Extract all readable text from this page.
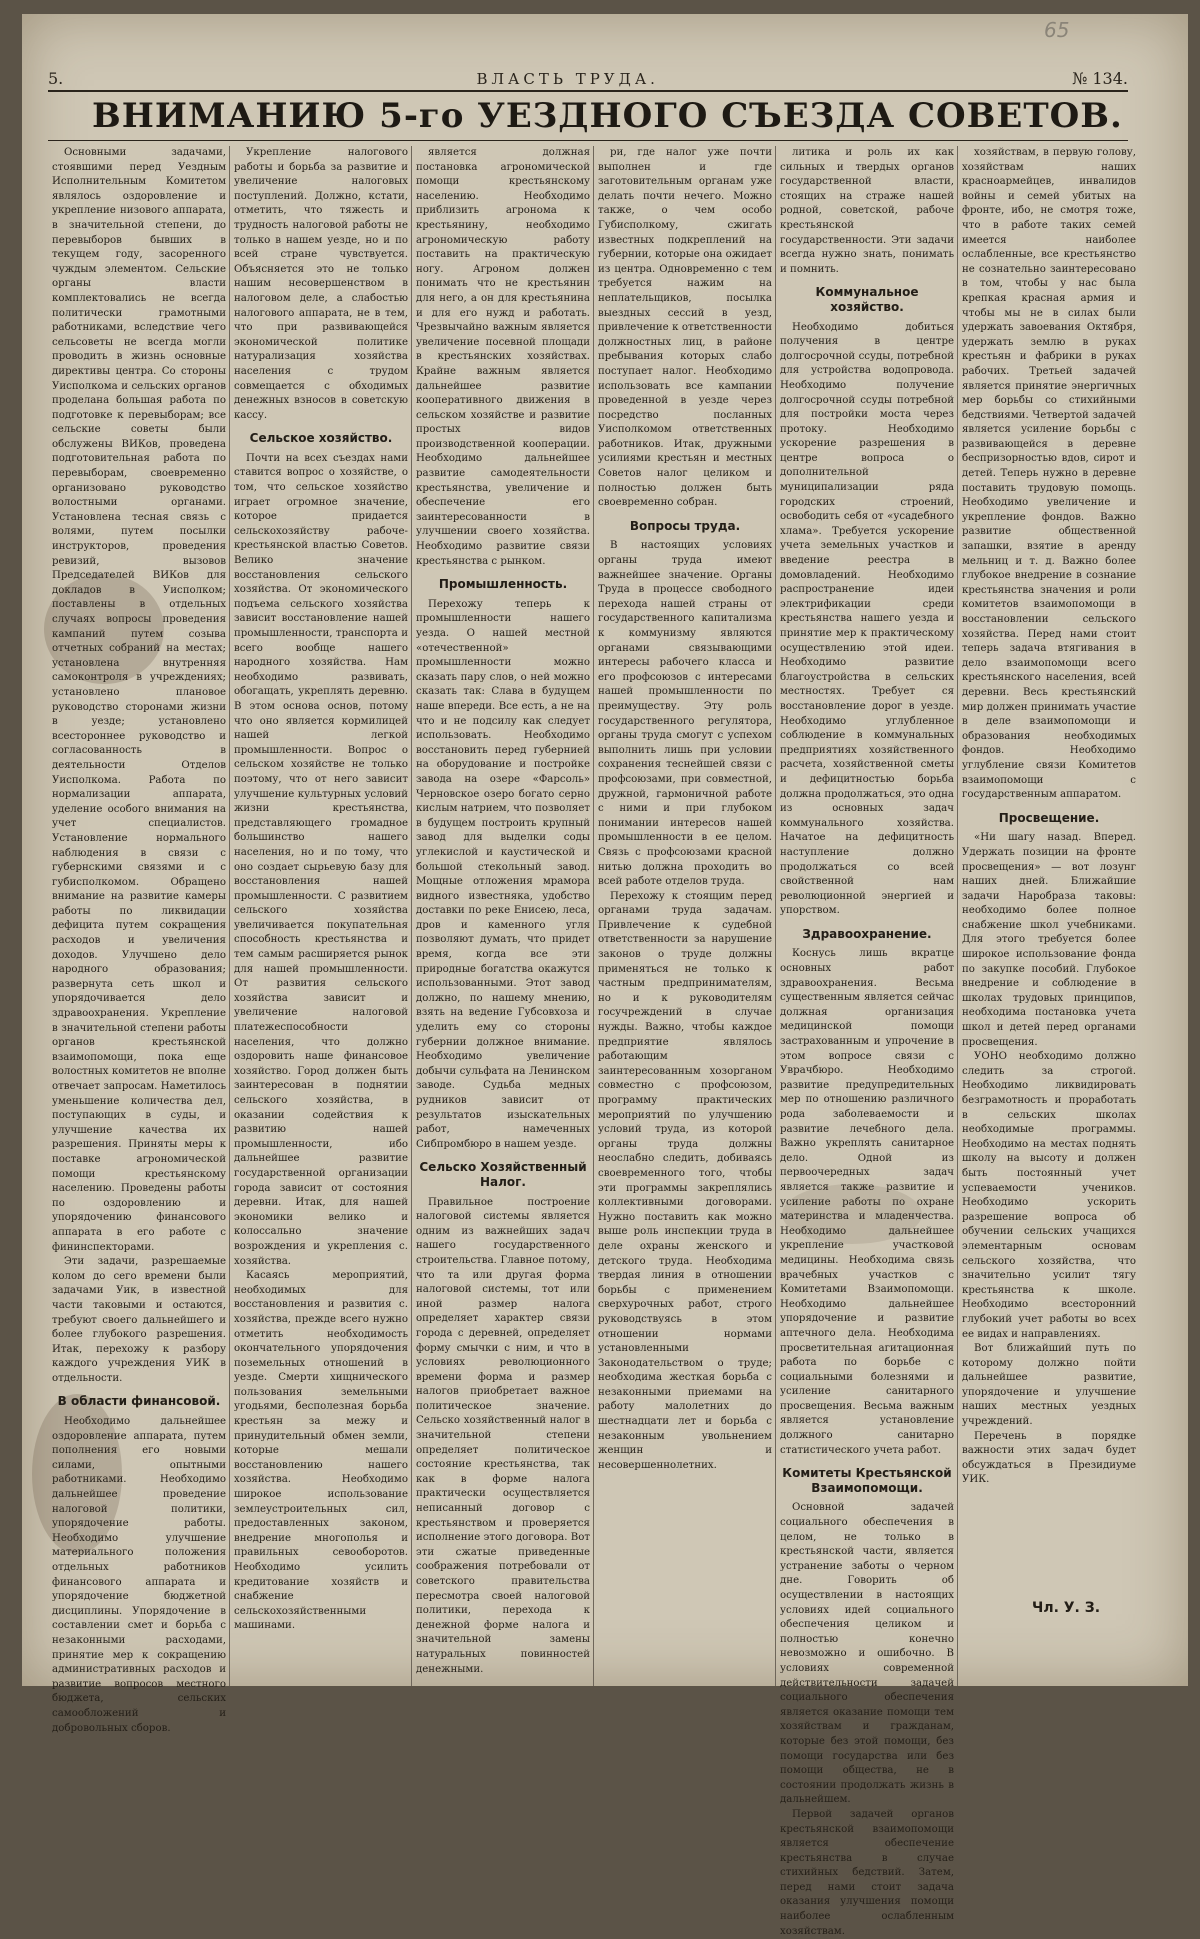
65
5.	ВЛАСТЬ ТРУДА.	№ 134.
ВНИМАНИЮ 5-го УЕЗДНОГО СЪЕЗДА СОВЕТОВ.

Основными задачами, стоявшими перед Уездным Исполнительным Комитетом являлось оздоровление и укрепление низового аппарата, в значительной степени, до перевыборов бывших в текущем году, засоренного чуждым элементом. Сельские органы власти комплектовались не всегда политически грамотными работниками, вследствие чего сельсоветы не всегда могли проводить в жизнь основные директивы центра. Со стороны Уисполкома и сельских органов проделана большая работа по подготовке к перевыборам; все сельские советы были обслужены ВИКов, проведена подготовительная работа по перевыборам, своевременно организовано руководство волостными органами. Установлена тесная связь с волями, путем посылки инструкторов, проведения ревизий, вызовов Председателей ВИКов для докладов в Уисполком; поставлены в отдельных случаях вопросы проведения кампаний путем созыва отчетных собраний на местах; установлена внутренняя самоконтроля в учреждениях; установлено плановое руководство сторонами жизни в уезде; установлено всестороннее руководство и согласованность в деятельности Отделов Уисполкома. Работа по нормализации аппарата, уделение особого внимания на учет специалистов. Установление нормального наблюдения в связи с губернскими связями и с губисполкомом. Обращено внимание на развитие камеры работы по ликвидации дефицита путем сокращения расходов и увеличения доходов. Улучшено дело народного образования; развернута сеть школ и упорядочивается дело здравоохранения. Укрепление в значительной степени работы органов крестьянской взаимопомощи, пока еще волостных комитетов не вполне отвечает запросам. Наметилось уменьшение количества дел, поступающих в суды, и улучшение качества их разрешения. Приняты меры к поставке агрономической помощи крестьянскому населению. Проведены работы по оздоровлению и упорядочению финансового аппарата в его работе с фининспекторами.

Эти задачи, разрешаемые колом до сего времени были задачами Уик, в известной части таковыми и остаются, требуют своего дальнейшего и более глубокого разрешения. Итак, перехожу к разбору каждого учреждения УИК в отдельности.

В области финансовой.

Необходимо дальнейшее оздоровление аппарата, путем пополнения его новыми силами, опытными работниками. Необходимо дальнейшее проведение налоговой политики, упорядочение работы. Необходимо улучшение материального положения отдельных работников финансового аппарата и упорядочение бюджетной дисциплины. Упорядочение в составлении смет и борьба с незаконными расходами, принятие мер к сокращению административных расходов и развитие вопросов местного бюджета, сельских самообложений и добровольных сборов.

Укрепление налогового работы и борьба за развитие и увеличение налоговых поступлений. Должно, кстати, отметить, что тяжесть и трудность налоговой работы не только в нашем уезде, но и по всей стране чувствуется. Объясняется это не только нашим несовершенством в налоговом деле, а слабостью налогового аппарата, не в тем, что при развивающейся экономической политике натурализация хозяйства населения с трудом совмещается с обходимых денежных взносов в советскую кассу.

Сельское хозяйство.

Почти на всех съездах нами ставится вопрос о хозяйстве, о том, что сельское хозяйство играет огромное значение, которое придается сельскохозяйству рабоче-крестьянской властью Советов. Велико значение восстановления сельского хозяйства. От экономического подъема сельского хозяйства зависит восстановление нашей промышленности, транспорта и всего вообще нашего народного хозяйства. Нам необходимо развивать, обогащать, укреплять деревню. В этом основа основ, потому что оно является кормилицей нашей легкой промышленности. Вопрос о сельском хозяйстве не только поэтому, что от него зависит улучшение культурных условий жизни крестьянства, представляющего громадное большинство нашего населения, но и по тому, что оно создает сырьевую базу для восстановления нашей промышленности. С развитием сельского хозяйства увеличивается покупательная способность крестьянства и тем самым расширяется рынок для нашей промышленности. От развития сельского хозяйства зависит и увеличение налоговой платежеспособности населения, что должно оздоровить наше финансовое хозяйство. Город должен быть заинтересован в поднятии сельского хозяйства, в оказании содействия к развитию нашей промышленности, ибо дальнейшее развитие государственной организации города зависит от состояния деревни. Итак, для нашей экономики велико и колоссально значение возрождения и укрепления с. хозяйства.

Касаясь мероприятий, необходимых для восстановления и развития с. хозяйства, прежде всего нужно отметить необходимость окончательного упорядочения поземельных отношений в уезде. Смерти хищнического пользования земельными угодьями, бесполезная борьба крестьян за межу и принудительный обмен земли, которые мешали восстановлению нашего хозяйства. Необходимо широкое использование землеустроительных сил, предоставленных законом, внедрение многополья и правильных севооборотов. Необходимо усилить кредитование хозяйств и снабжение сельскохозяйственными машинами.

является должная постановка агрономической помощи крестьянскому населению. Необходимо приблизить агронома к крестьянину, необходимо агрономическую работу поставить на практическую ногу. Агроном должен понимать что не крестьянин для него, а он для крестьянина и для его нужд и работать. Чрезвычайно важным является увеличение посевной площади в крестьянских хозяйствах. Крайне важным является дальнейшее развитие кооперативного движения в сельском хозяйстве и развитие простых видов производственной кооперации. Необходимо дальнейшее развитие самодеятельности крестьянства, увеличение и обеспечение его заинтересованности в улучшении своего хозяйства. Необходимо развитие связи крестьянства с рынком.

Промышленность.

Перехожу теперь к промышленности нашего уезда. О нашей местной «отечественной» промышленности можно сказать пару слов, о ней можно сказать так: Слава в будущем наше впереди. Все есть, а не на что и не подсилу как следует использовать. Необходимо восстановить перед губернией на оборудование и постройке завода на озере «Фарсоль» Черновское озеро богато серно кислым натрием, что позволяет в будущем построить крупный завод для выделки соды углекислой и каустической и большой стекольный завод. Мощные отложения мрамора видного известняка, удобство доставки по реке Енисею, леса, дров и каменного угля позволяют думать, что придет время, когда все эти природные богатства окажутся использованными. Этот завод должно, по нашему мнению, взять на ведение Губсовхоза и уделить ему со стороны губернии должное внимание. Необходимо увеличение добычи сульфата на Ленинском заводе. Судьба медных рудников зависит от результатов изыскательных работ, намеченных Сибпромбюро в нашем уезде.

Сельско Хозяйственный Налог.

Правильное построение налоговой системы является одним из важнейших задач нашего государственного строительства. Главное потому, что та или другая форма налоговой системы, тот или иной размер налога определяет характер связи города с деревней, определяет форму смычки с ним, и что в условиях революционного времени форма и размер налогов приобретает важное политическое значение. Сельско хозяйственный налог в значительной степени определяет политическое состояние крестьянства, так как в форме налога практически осуществляется неписанный договор с крестьянством и проверяется исполнение этого договора. Вот эти сжатые приведенные соображения потребовали от советского правительства пересмотра своей налоговой политики, перехода к денежной форме налога и значительной замены натуральных повинностей денежными.

ри, где налог уже почти выполнен и где заготовительным органам уже делать почти нечего. Можно также, о чем особо Губисполкому, сжигать известных подкреплений на губернии, которые она ожидает из центра. Одновременно с тем требуется нажим на неплательщиков, посылка выездных сессий в уезд, привлечение к ответственности должностных лиц, в районе пребывания которых слабо поступает налог. Необходимо использовать все кампании проведенной в уезде через посредство посланных Уисполкомом ответственных работников. Итак, дружными усилиями крестьян и местных Советов налог целиком и полностью должен быть своевременно собран.

Вопросы труда.

В настоящих условиях органы труда имеют важнейшее значение. Органы Труда в процессе свободного перехода нашей страны от государственного капитализма к коммунизму являются органами связывающими интересы рабочего класса и его профсоюзов с интересами нашей промышленности по преимуществу. Эту роль государственного регулятора, органы труда смогут с успехом выполнить лишь при условии сохранения теснейшей связи с профсоюзами, при совместной, дружной, гармоничной работе с ними и при глубоком понимании интересов нашей промышленности в ее целом. Связь с профсоюзами красной нитью должна проходить во всей работе отделов труда.

Перехожу к стоящим перед органами труда задачам. Привлечение к судебной ответственности за нарушение законов о труде должны применяться не только к частным предпринимателям, но и к руководителям госучреждений в случае нужды. Важно, чтобы каждое предприятие являлось работающим заинтересованным хозорганом совместно с профсоюзом, программу практических мероприятий по улучшению условий труда, из которой органы труда должны неослабно следить, добиваясь своевременного того, чтобы эти программы закреплялись коллективными договорами. Нужно поставить как можно выше роль инспекции труда в деле охраны женского и детского труда. Необходима твердая линия в отношении борьбы с применением сверхурочных работ, строго руководствуясь в этом отношении нормами установленными Законодательством о труде; необходима жесткая борьба с незаконными приемами на работу малолетних до шестнадцати лет и борьба с незаконным увольнением женщин и несовершеннолетних.

литика и роль их как сильных и твердых органов государственной власти, стоящих на страже нашей родной, советской, рабоче крестьянской государственности. Эти задачи всегда нужно знать, понимать и помнить.

Коммунальное хозяйство.

Необходимо добиться получения в центре долгосрочной ссуды, потребной для устройства водопровода. Необходимо получение долгосрочной ссуды потребной для постройки моста через протоку. Необходимо ускорение разрешения в центре вопроса о дополнительной муниципализации ряда городских строений, освободить себя от «усадебного хлама». Требуется ускорение учета земельных участков и введение реестра в домовладений. Необходимо распространение идеи электрификации среди крестьянства нашего уезда и принятие мер к практическому осуществлению этой идеи. Необходимо развитие благоустройства в сельских местностях. Требует ся восстановление дорог в уезде. Необходимо углубленное соблюдение в коммунальных предприятиях хозяйственного расчета, хозяйственной сметы и дефицитностью борьба должна продолжаться, это одна из основных задач коммунального хозяйства. Начатое на дефицитность наступление должно продолжаться со всей свойственной нам революционной энергией и упорством.

Здравоохранение.

Коснусь лишь вкратце основных работ здравоохранения. Весьма существенным является сейчас должная организация медицинской помощи застрахованным и упрочение в этом вопросе связи с Уврачбюро. Необходимо развитие предупредительных мер по отношению различного рода заболеваемости и развитие лечебного дела. Важно укреплять санитарное дело. Одной из первоочередных задач является также развитие и усиление работы по охране материнства и младенчества. Необходимо дальнейшее укрепление участковой медицины. Необходима связь врачебных участков с Комитетами Взаимопомощи. Необходимо дальнейшее упорядочение и развитие аптечного дела. Необходима просветительная агитационная работа по борьбе с социальными болезнями и усиление санитарного просвещения. Весьма важным является установление должного санитарно статистического учета работ.

Комитеты Крестьянской Взаимопомощи.

Основной задачей социального обеспечения в целом, не только в крестьянской части, является устранение заботы о черном дне. Говорить об осуществлении в настоящих условиях идей социального обеспечения целиком и полностью конечно невозможно и ошибочно. В условиях современной действительности задачей социального обеспечения является оказание помощи тем хозяйствам и гражданам, которые без этой помощи, без помощи государства или без помощи общества, не в состоянии продолжать жизнь в дальнейшем.

Первой задачей органов крестьянской взаимопомощи является обеспечение крестьянства в случае стихийных бедствий. Затем, перед нами стоит задача оказания улучшения помощи наиболее ослабленным хозяйствам.

хозяйствам, в первую голову, хозяйствам наших красноармейцев, инвалидов войны и семей убитых на фронте, ибо, не смотря тоже, что в работе таких семей имеется наиболее ослабленные, все крестьянство не сознательно заинтересовано в том, чтобы у нас была крепкая красная армия и чтобы мы не в силах были удержать завоевания Октября, удержать землю в руках крестьян и фабрики в руках рабочих. Третьей задачей является принятие энергичных мер борьбы со стихийными бедствиями. Четвертой задачей является усиление борьбы с развивающейся в деревне беспризорностью вдов, сирот и детей. Теперь нужно в деревне поставить трудовую помощь. Необходимо увеличение и укрепление фондов. Важно развитие общественной запашки, взятие в аренду мельниц и т. д. Важно более глубокое внедрение в сознание крестьянства значения и роли комитетов взаимопомощи в восстановлении сельского хозяйства. Перед нами стоит теперь задача втягивания в дело взаимопомощи всего крестьянского населения, всей деревни. Весь крестьянский мир должен принимать участие в деле взаимопомощи и образования необходимых фондов. Необходимо углубление связи Комитетов взаимопомощи с государственным аппаратом.

Просвещение.

«Ни шагу назад. Вперед. Удержать позиции на фронте просвещения» — вот лозунг наших дней. Ближайшие задачи Наробраза таковы: необходимо более полное снабжение школ учебниками. Для этого требуется более широкое использование фонда по закупке пособий. Глубокое внедрение и соблюдение в школах трудовых принципов, необходима постановка учета школ и детей перед органами просвещения.

УОНО необходимо должно следить за строгой. Необходимо ликвидировать безграмотность и проработать в сельских школах необходимые программы. Необходимо на местах поднять школу на высоту и должен быть постоянный учет успеваемости учеников. Необходимо ускорить разрешение вопроса об обучении сельских учащихся элементарным основам сельского хозяйства, что значительно усилит тягу крестьянства к школе. Необходимо всесторонний глубокий учет работы во всех ее видах и направлениях.

Вот ближайший путь по которому должно пойти дальнейшее развитие, упорядочение и улучшение наших местных уездных учреждений.

Перечень в порядке важности этих задач будет обсуждаться в Президиуме УИК.

Чл. У. З.
